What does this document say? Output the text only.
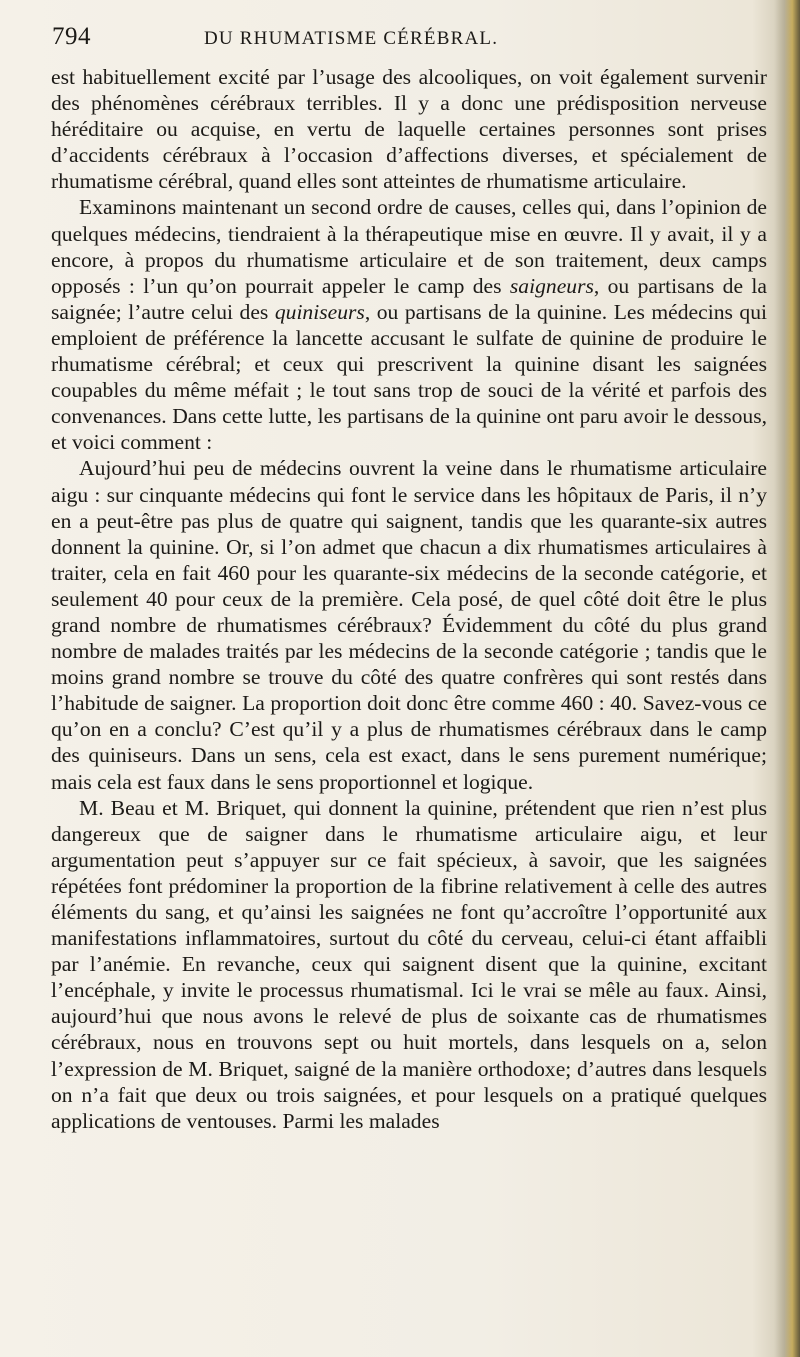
794	DU RHUMATISME CÉRÉBRAL.

est habituellement excité par l’usage des alcooliques, on voit également survenir des phénomènes cérébraux terribles. Il y a donc une prédisposition nerveuse héréditaire ou acquise, en vertu de laquelle certaines personnes sont prises d’accidents cérébraux à l’occasion d’affections diverses, et spécialement de rhumatisme cérébral, quand elles sont atteintes de rhumatisme articulaire.

Examinons maintenant un second ordre de causes, celles qui, dans l’opinion de quelques médecins, tiendraient à la thérapeutique mise en œuvre. Il y avait, il y a encore, à propos du rhumatisme articulaire et de son traitement, deux camps opposés : l’un qu’on pourrait appeler le camp des saigneurs, ou partisans de la saignée; l’autre celui des quiniseurs, ou partisans de la quinine. Les médecins qui emploient de préférence la lancette accusant le sulfate de quinine de produire le rhumatisme cérébral; et ceux qui prescrivent la quinine disant les saignées coupables du même méfait ; le tout sans trop de souci de la vérité et parfois des convenances. Dans cette lutte, les partisans de la quinine ont paru avoir le dessous, et voici comment :

Aujourd’hui peu de médecins ouvrent la veine dans le rhumatisme articulaire aigu : sur cinquante médecins qui font le service dans les hôpitaux de Paris, il n’y en a peut-être pas plus de quatre qui saignent, tandis que les quarante-six autres donnent la quinine. Or, si l’on admet que chacun a dix rhumatismes articulaires à traiter, cela en fait 460 pour les quarante-six médecins de la seconde catégorie, et seulement 40 pour ceux de la première. Cela posé, de quel côté doit être le plus grand nombre de rhumatismes cérébraux? Évidemment du côté du plus grand nombre de malades traités par les médecins de la seconde catégorie ; tandis que le moins grand nombre se trouve du côté des quatre confrères qui sont restés dans l’habitude de saigner. La proportion doit donc être comme 460 : 40. Savez-vous ce qu’on en a conclu? C’est qu’il y a plus de rhumatismes cérébraux dans le camp des quiniseurs. Dans un sens, cela est exact, dans le sens purement numérique; mais cela est faux dans le sens proportionnel et logique.

M. Beau et M. Briquet, qui donnent la quinine, prétendent que rien n’est plus dangereux que de saigner dans le rhumatisme articulaire aigu, et leur argumentation peut s’appuyer sur ce fait spécieux, à savoir, que les saignées répétées font prédominer la proportion de la fibrine relativement à celle des autres éléments du sang, et qu’ainsi les saignées ne font qu’accroître l’opportunité aux manifestations inflammatoires, surtout du côté du cerveau, celui-ci étant affaibli par l’anémie. En revanche, ceux qui saignent disent que la quinine, excitant l’encéphale, y invite le processus rhumatismal. Ici le vrai se mêle au faux. Ainsi, aujourd’hui que nous avons le relevé de plus de soixante cas de rhumatismes cérébraux, nous en trouvons sept ou huit mortels, dans lesquels on a, selon l’expression de M. Briquet, saigné de la manière orthodoxe; d’autres dans lesquels on n’a fait que deux ou trois saignées, et pour lesquels on a pratiqué quelques applications de ventouses. Parmi les malades
